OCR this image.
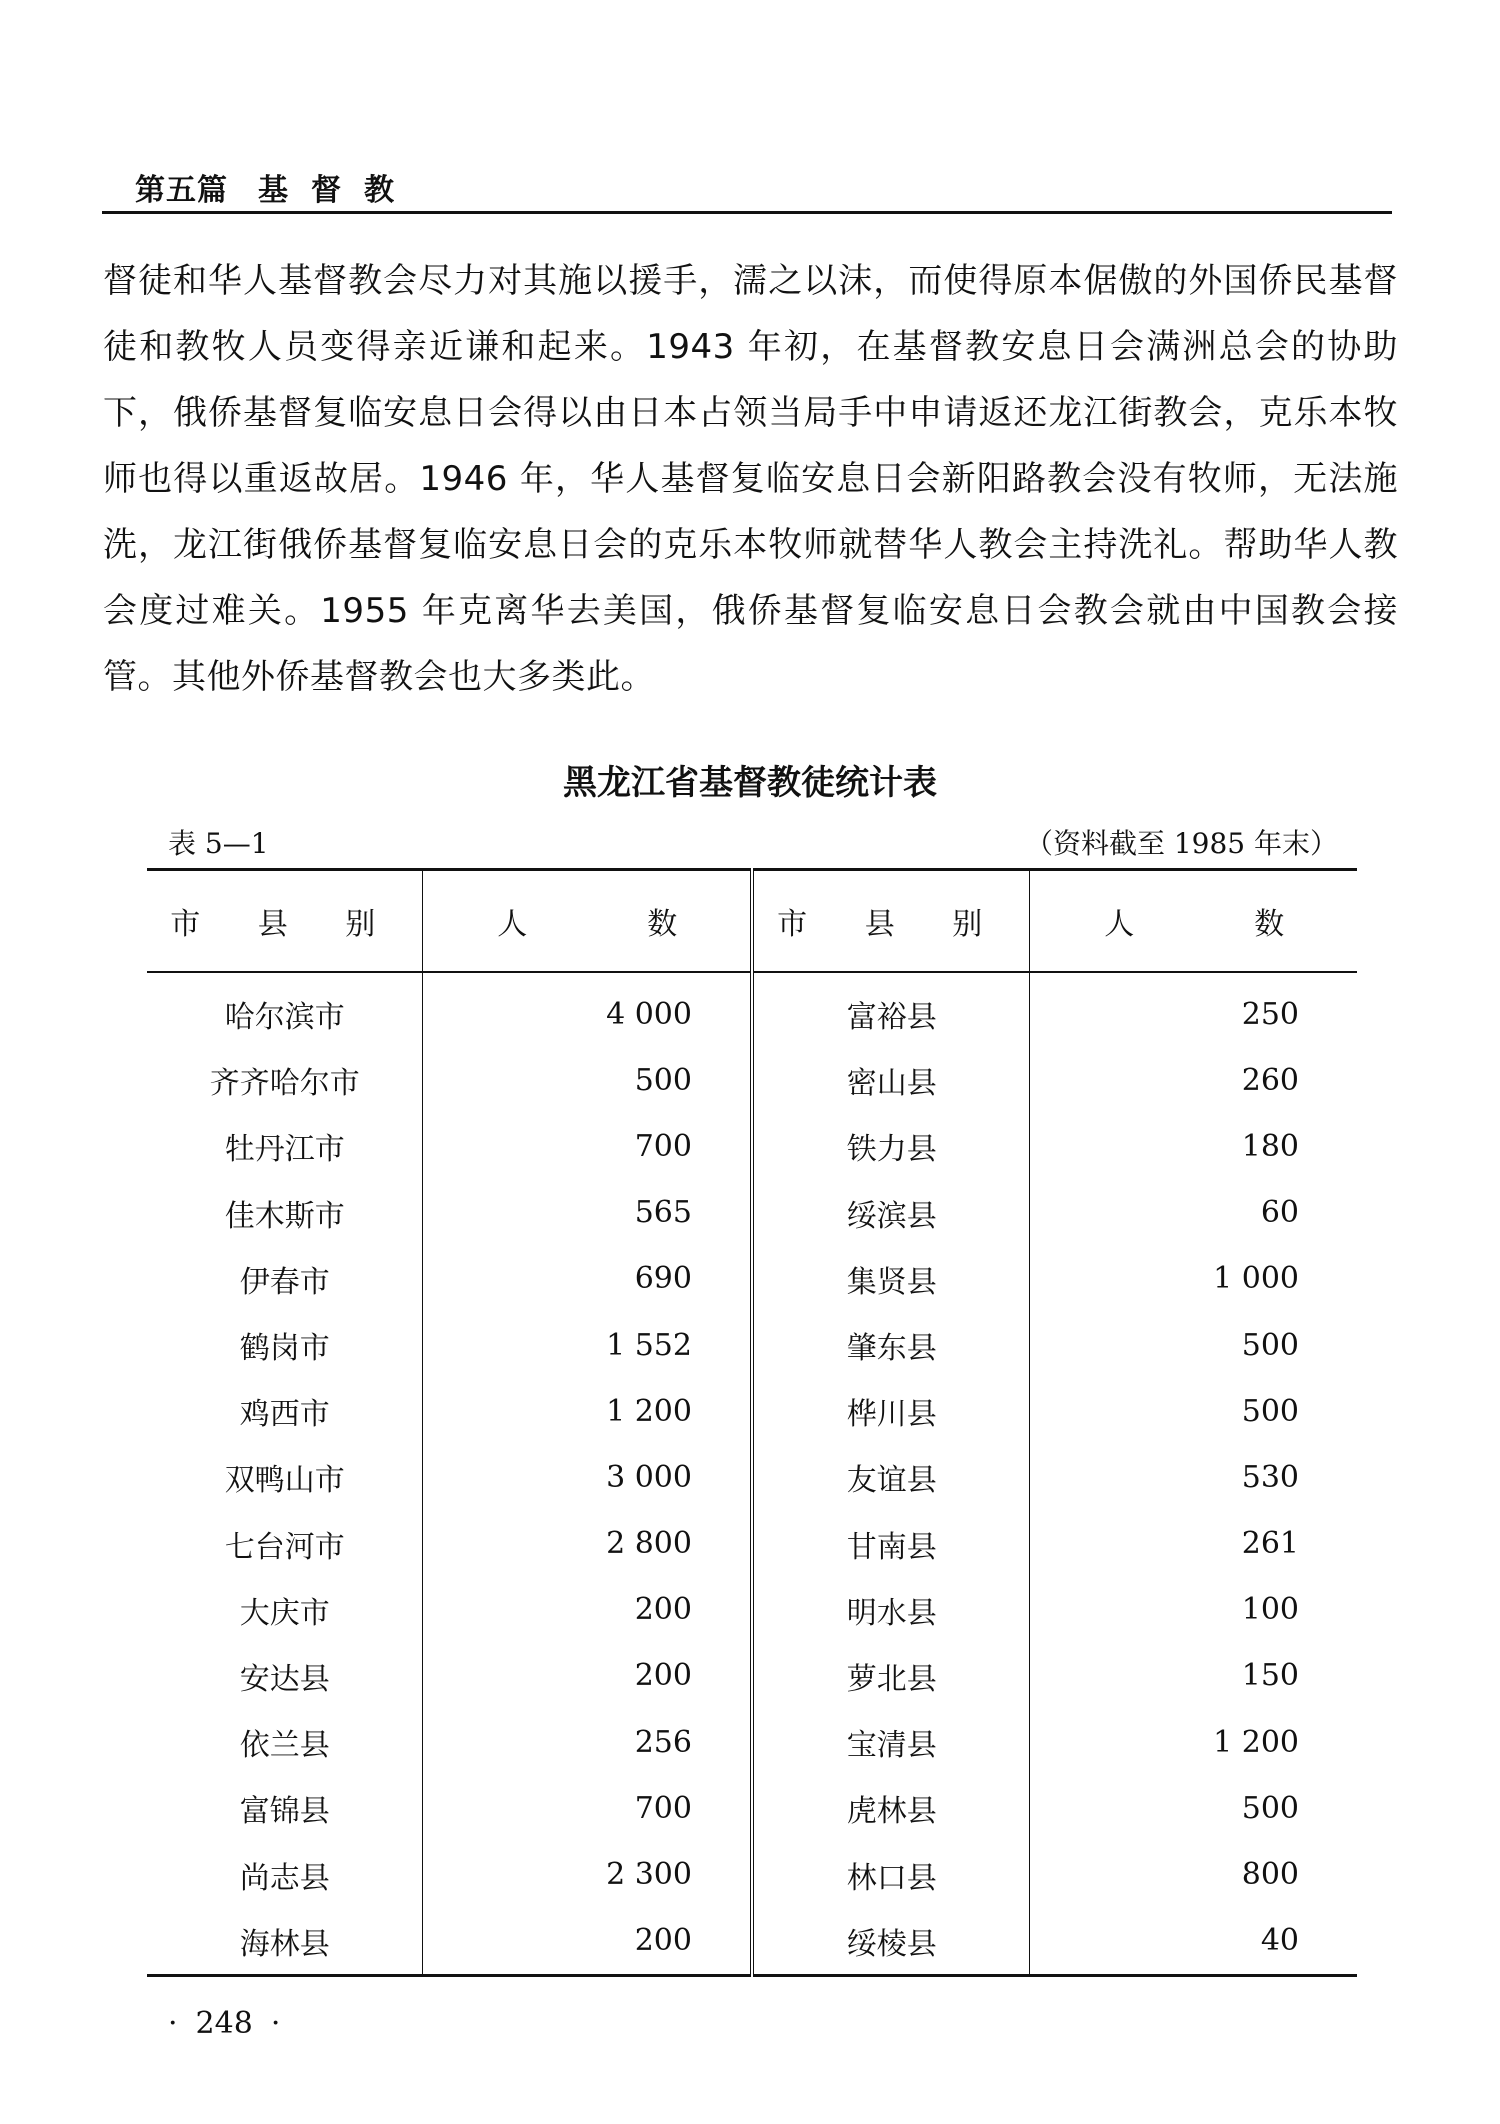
第五篇 基 督 教
督徒和华人基督教会尽力对其施以援手，濡之以沫，而使得原本倨傲的外国侨民基督徒和教牧人员变得亲近谦和起来。1943 年初，在基督教安息日会满洲总会的协助下，俄侨基督复临安息日会得以由日本占领当局手中申请返还龙江街教会，克乐本牧师也得以重返故居。1946 年，华人基督复临安息日会新阳路教会没有牧师，无法施洗，龙江街俄侨基督复临安息日会的克乐本牧师就替华人教会主持洗礼。帮助华人教会度过难关。1955 年克离华去美国，俄侨基督复临安息日会教会就由中国教会接管。其他外侨基督教会也大多类此。
黑龙江省基督教徒统计表
表 5—1	（资料截至 1985 年末）
市 县 别	人 数	市 县 别	人 数
哈尔滨市	4 000	富裕县	250
齐齐哈尔市	500	密山县	260
牡丹江市	700	铁力县	180
佳木斯市	565	绥滨县	60
伊春市	690	集贤县	1 000
鹤岗市	1 552	肇东县	500
鸡西市	1 200	桦川县	500
双鸭山市	3 000	友谊县	530
七台河市	2 800	甘南县	261
大庆市	200	明水县	100
安达县	200	萝北县	150
依兰县	256	宝清县	1 200
富锦县	700	虎林县	500
尚志县	2 300	林口县	800
海林县	200	绥棱县	40
· 248 ·
